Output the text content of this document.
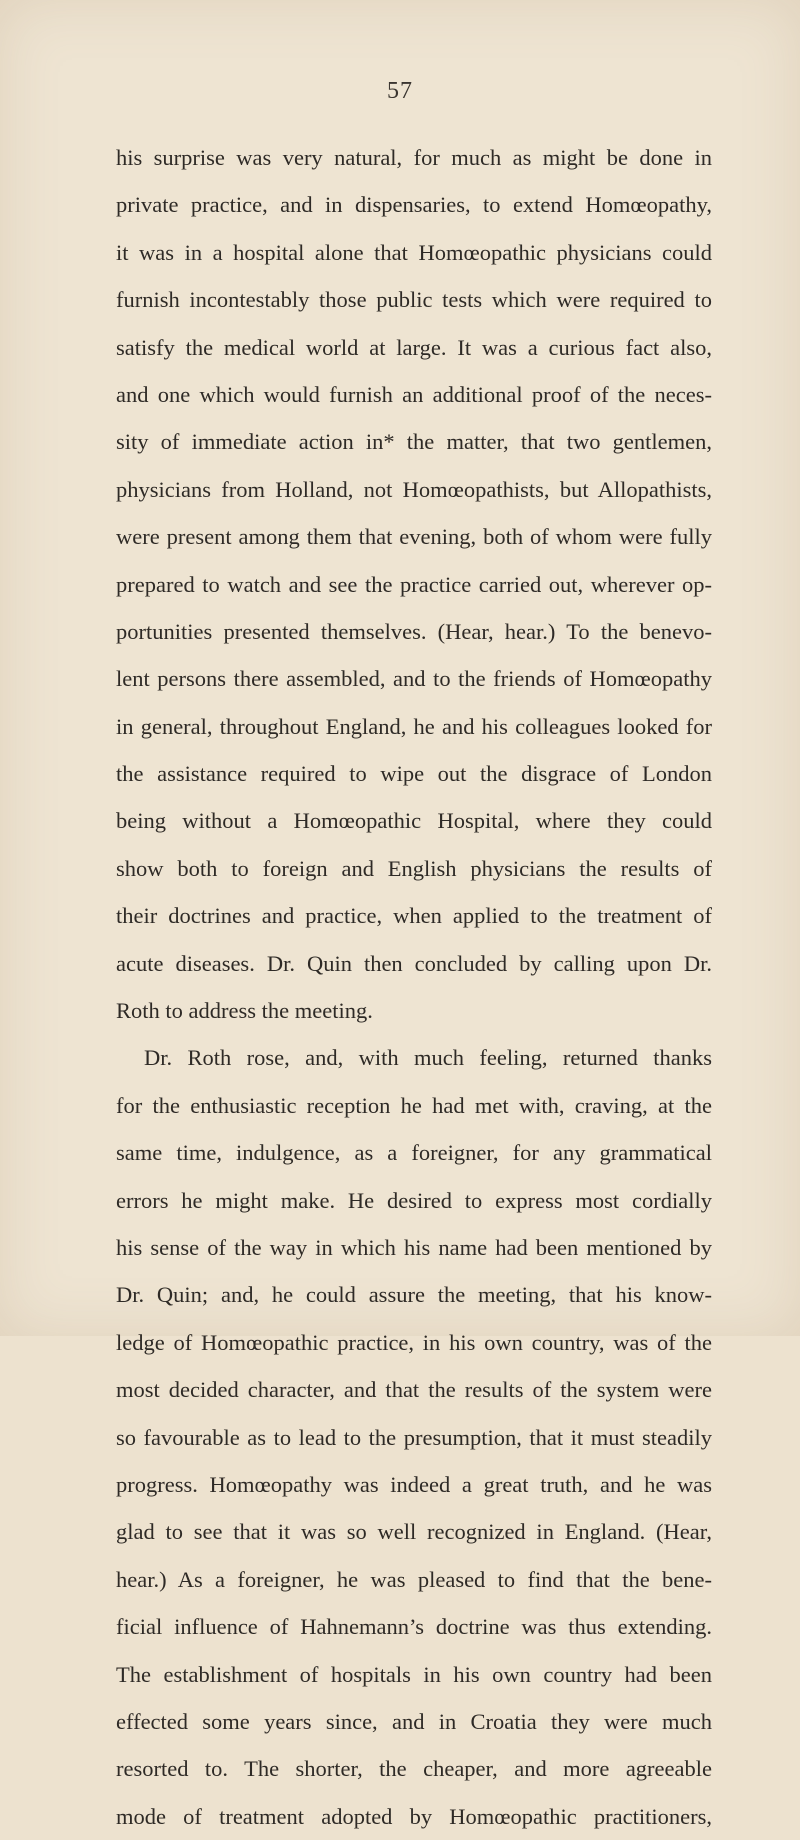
57
his surprise was very natural, for much as might be done in
private practice, and in dispensaries, to extend Homœopathy,
it was in a hospital alone that Homœopathic physicians could
furnish incontestably those public tests which were required to
satisfy the medical world at large. It was a curious fact also,
and one which would furnish an additional proof of the neces-
sity of immediate action in* the matter, that two gentlemen,
physicians from Holland, not Homœopathists, but Allopathists,
were present among them that evening, both of whom were fully
prepared to watch and see the practice carried out, wherever op-
portunities presented themselves. (Hear, hear.) To the benevo-
lent persons there assembled, and to the friends of Homœopathy
in general, throughout England, he and his colleagues looked for
the assistance required to wipe out the disgrace of London
being without a Homœopathic Hospital, where they could
show both to foreign and English physicians the results of
their doctrines and practice, when applied to the treatment of
acute diseases. Dr. Quin then concluded by calling upon Dr.
Roth to address the meeting.
Dr. Roth rose, and, with much feeling, returned thanks
for the enthusiastic reception he had met with, craving, at the
same time, indulgence, as a foreigner, for any grammatical
errors he might make. He desired to express most cordially
his sense of the way in which his name had been mentioned by
Dr. Quin; and, he could assure the meeting, that his know-
ledge of Homœopathic practice, in his own country, was of the
most decided character, and that the results of the system were
so favourable as to lead to the presumption, that it must steadily
progress. Homœopathy was indeed a great truth, and he was
glad to see that it was so well recognized in England. (Hear,
hear.) As a foreigner, he was pleased to find that the bene-
ficial influence of Hahnemann’s doctrine was thus extending.
The establishment of hospitals in his own country had been
effected some years since, and in Croatia they were much
resorted to. The shorter, the cheaper, and more agreeable
mode of treatment adopted by Homœopathic practitioners,
